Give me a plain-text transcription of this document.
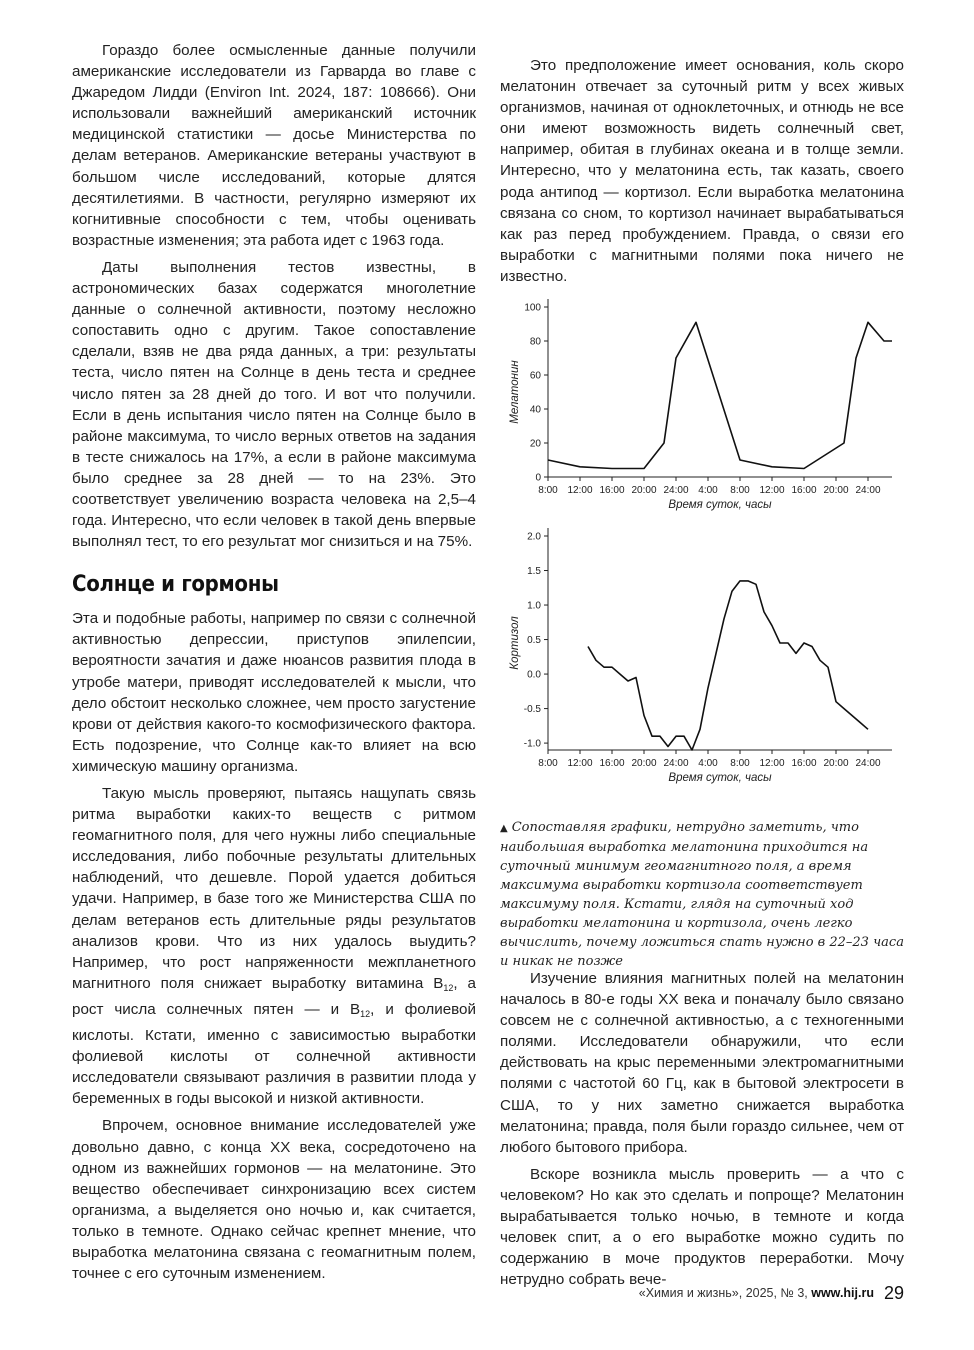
Гораздо более осмысленные данные получили американские исследователи из Гарварда во главе с Джаредом Лидди (Environ Int. 2024, 187: 108666). Они использовали важнейший американский источник медицинской статистики — досье Министерства по делам ветеранов. Американские ветераны участвуют в большом числе исследований, которые длятся десятилетиями. В частности, регулярно измеряют их когнитивные способности с тем, чтобы оценивать возрастные изменения; эта работа идет с 1963 года.

Даты выполнения тестов известны, в астрономических базах содержатся многолетние данные о солнечной активности, поэтому несложно сопоставить одно с другим. Такое сопоставление сделали, взяв не два ряда данных, а три: результаты теста, число пятен на Солнце в день теста и среднее число пятен за 28 дней до того. И вот что получили. Если в день испытания число пятен на Солнце было в районе максимума, то число верных ответов на задания в тесте снижалось на 17%, а если в районе максимума было среднее за 28 дней — то на 23%. Это соответствует увеличению возраста человека на 2,5–4 года. Интересно, что если человек в такой день впервые выполнял тест, то его результат мог снизиться и на 75%.

Солнце и гормоны

Эта и подобные работы, например по связи с солнечной активностью депрессии, приступов эпилепсии, вероятности зачатия и даже нюансов развития плода в утробе матери, приводят исследователей к мысли, что дело обстоит несколько сложнее, чем просто загустение крови от действия какого-то космофизического фактора. Есть подозрение, что Солнце как-то влияет на всю химическую машину организма.

Такую мысль проверяют, пытаясь нащупать связь ритма выработки каких-то веществ с ритмом геомагнитного поля, для чего нужны либо специальные исследования, либо побочные результаты длительных наблюдений, что дешевле. Порой удается добиться удачи. Например, в базе того же Министерства США по делам ветеранов есть длительные ряды результатов анализов крови. Что из них удалось выудить? Например, что рост напряженности межпланетного магнитного поля снижает выработку витамина $B_{12}$, а рост числа солнечных пятен — и $B_{12}$, и фолиевой кислоты. Кстати, именно с зависимостью выработки фолиевой кислоты от солнечной активности исследователи связывают различия в развитии плода у беременных в годы высокой и низкой активности.

Впрочем, основное внимание исследователей уже довольно давно, с конца XX века, сосредоточено на одном из важнейших гормонов — на мелатонине. Это вещество обеспечивает синхронизацию всех систем организма, а выделяется оно ночью и, как считается, только в темноте. Однако сейчас крепнет мнение, что выработка мелатонина связана с геомагнитным полем, точнее с его суточным изменением.

Это предположение имеет основания, коль скоро мелатонин отвечает за суточный ритм у всех живых организмов, начиная от одноклеточных, и отнюдь не все они имеют возможность видеть солнечный свет, например, обитая в глубинах океана и в толще земли. Интересно, что у мелатонина есть, так казать, своего рода антипод — кортизол. Если выработка мелатонина связана со сном, то кортизол начинает вырабатываться как раз перед пробуждением. Правда, о связи его выработки с магнитными полями пока ничего не известно.

0
20
40
60
80
100
8:00 12:00 16:00 20:00 24:00 4:00 8:00 12:00 16:00 20:00 24:00
Время суток, часы
Мелатонин
-1.0
-0.5
0.0
0.5
1.0
1.5
2.0
8:00 12:00 16:00 20:00 24:00 4:00 8:00 12:00 16:00 20:00 24:00
Время суток, часы
Кортизол
▲ Сопоставляя графики, нетрудно заметить, что наибольшая выработка мелатонина приходится на суточный минимум геомагнитного поля, а время максимума выработки кортизола соответствует максимуму поля. Кстати, глядя на суточный ход выработки мелатонина и кортизола, очень легко вычислить, почему ложиться спать нужно в 22–23 часа и никак не позже

Изучение влияния магнитных полей на мелатонин началось в 80-е годы XX века и поначалу было связано совсем не с солнечной активностью, а с техногенными полями. Исследователи обнаружили, что если действовать на крыс переменными электромагнитными полями с частотой 60 Гц, как в бытовой электросети в США, то у них заметно снижается выработка мелатонина; правда, поля были гораздо сильнее, чем от любого бытового прибора.

Вскоре возникла мысль проверить — а что с человеком? Но как это сделать и попроще? Мелатонин вырабатывается только ночью, в темноте и когда человек спит, а о его выработке можно судить по содержанию в моче продуктов переработки. Мочу нетрудно собрать вече-

«Химия и жизнь», 2025, № 3, www.hij.ru 29
